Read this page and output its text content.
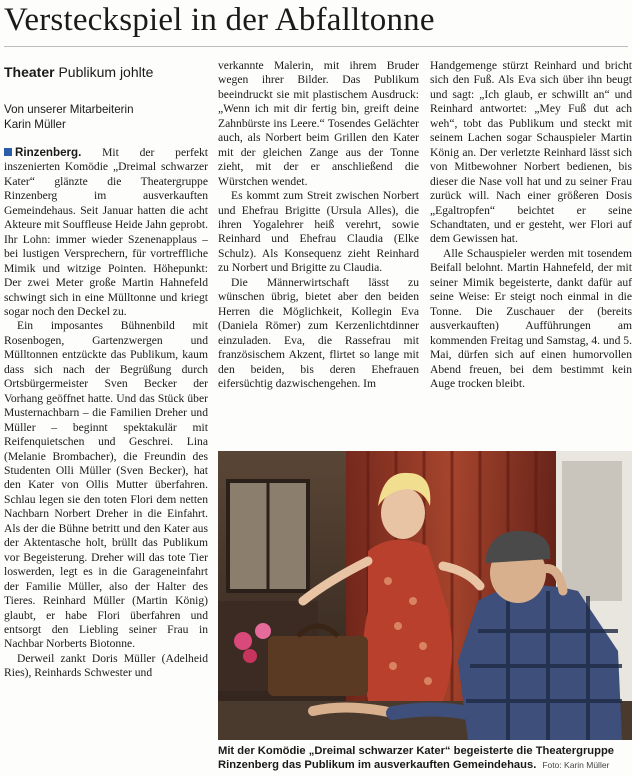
Versteckspiel in der Abfalltonne
Theater Publikum johlte
Von unserer Mitarbeiterin
Karin Müller

Rinzenberg. Mit der perfekt inszenierten Komödie „Dreimal schwarzer Kater“ glänzte die Theatergruppe Rinzenberg im ausverkauften Gemeindehaus. Seit Januar hatten die acht Akteure mit Souffleuse Heide Jahn geprobt. Ihr Lohn: immer wieder Szenenapplaus – bei lustigen Versprechern, für vortreffliche Mimik und witzige Pointen. Höhepunkt: Der zwei Meter große Martin Hahnefeld schwingt sich in eine Mülltonne und kriegt sogar noch den Deckel zu.

Ein imposantes Bühnenbild mit Rosenbogen, Gartenzwergen und Mülltonnen entzückte das Publikum, kaum dass sich nach der Begrüßung durch Ortsbürgermeister Sven Becker der Vorhang geöffnet hatte. Und das Stück über Musternachbarn – die Familien Dreher und Müller – beginnt spektakulär mit Reifenquietschen und Geschrei. Lina (Melanie Brombacher), die Freundin des Studenten Olli Müller (Sven Becker), hat den Kater von Ollis Mutter überfahren. Schlau legen sie den toten Flori dem netten Nachbarn Norbert Dreher in die Einfahrt. Als der die Bühne betritt und den Kater aus der Aktentasche holt, brüllt das Publikum vor Begeisterung. Dreher will das tote Tier loswerden, legt es in die Garageneinfahrt der Familie Müller, also der Halter des Tieres. Reinhard Müller (Martin König) glaubt, er habe Flori überfahren und entsorgt den Liebling seiner Frau in Nachbar Norberts Biotonne.

Derweil zankt Doris Müller (Adelheid Ries), Reinhards Schwester und

verkannte Malerin, mit ihrem Bruder wegen ihrer Bilder. Das Publikum beeindruckt sie mit plastischem Ausdruck: „Wenn ich mit dir fertig bin, greift deine Zahnbürste ins Leere.“ Tosendes Gelächter auch, als Norbert beim Grillen den Kater mit der gleichen Zange aus der Tonne zieht, mit der er anschließend die Würstchen wendet.

Es kommt zum Streit zwischen Norbert und Ehefrau Brigitte (Ursula Alles), die ihren Yogalehrer heiß verehrt, sowie Reinhard und Ehefrau Claudia (Elke Schulz). Als Konsequenz zieht Reinhard zu Norbert und Brigitte zu Claudia.

Die Männerwirtschaft lässt zu wünschen übrig, bietet aber den beiden Herren die Möglichkeit, Kollegin Eva (Daniela Römer) zum Kerzenlichtdinner einzuladen. Eva, die Rassefrau mit französischem Akzent, flirtet so lange mit den beiden, bis deren Ehefrauen eifersüchtig dazwischengehen. Im

Handgemenge stürzt Reinhard und bricht sich den Fuß. Als Eva sich über ihn beugt und sagt: „Ich glaub, er schwillt an“ und Reinhard antwortet: „Mey Fuß dut ach weh“, tobt das Publikum und steckt mit seinem Lachen sogar Schauspieler Martin König an. Der verletzte Reinhard lässt sich von Mitbewohner Norbert bedienen, bis dieser die Nase voll hat und zu seiner Frau zurück will. Nach einer größeren Dosis „Egaltropfen“ beichtet er seine Schandtaten, und er gesteht, wer Flori auf dem Gewissen hat.

Alle Schauspieler werden mit tosendem Beifall belohnt. Martin Hahnefeld, der mit seiner Mimik begeisterte, dankt dafür auf seine Weise: Er steigt noch einmal in die Tonne. Die Zuschauer der (bereits ausverkauften) Aufführungen am kommenden Freitag und Samstag, 4. und 5. Mai, dürfen sich auf einen humorvollen Abend freuen, bei dem bestimmt kein Auge trocken bleibt.

Mit der Komödie „Dreimal schwarzer Kater“ begeisterte die Theatergruppe Rinzenberg das Publikum im ausverkauften Gemeindehaus. Foto: Karin Müller
